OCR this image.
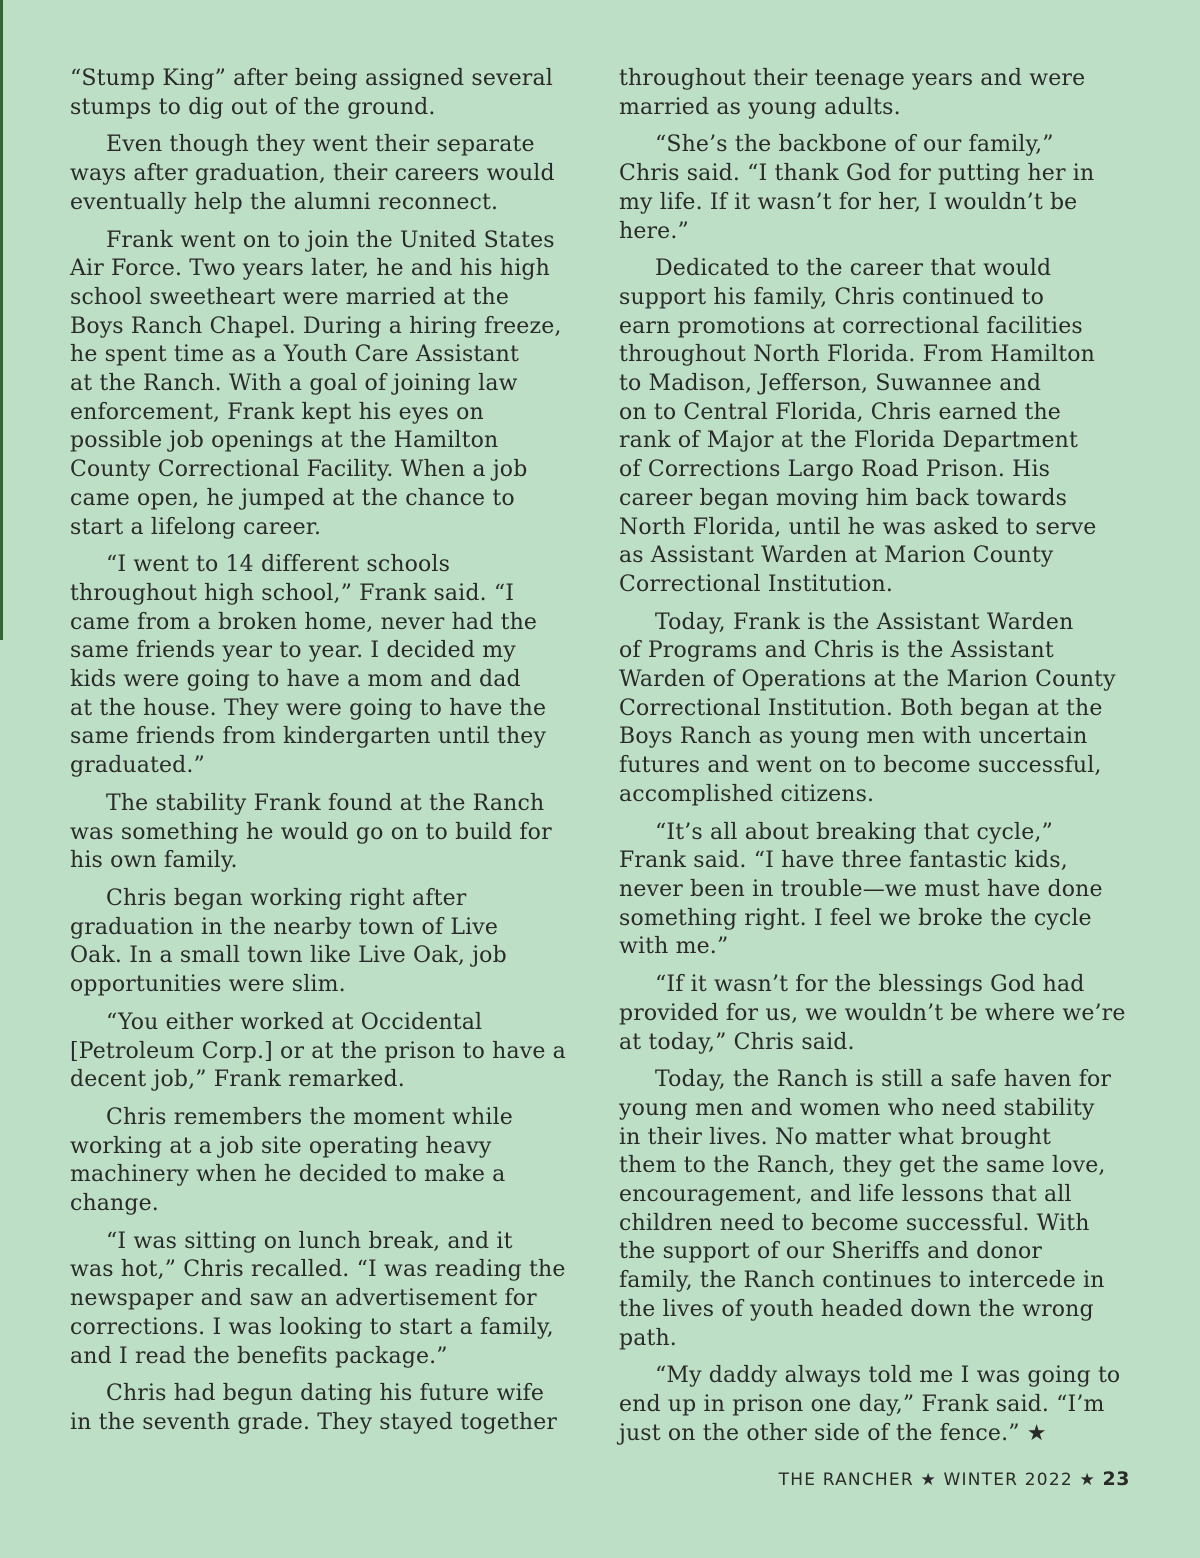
“Stump King” after being assigned several
stumps to dig out of the ground.

Even though they went their separate
ways after graduation, their careers would
eventually help the alumni reconnect.

Frank went on to join the United States
Air Force. Two years later, he and his high
school sweetheart were married at the
Boys Ranch Chapel. During a hiring freeze,
he spent time as a Youth Care Assistant
at the Ranch. With a goal of joining law
enforcement, Frank kept his eyes on
possible job openings at the Hamilton
County Correctional Facility. When a job
came open, he jumped at the chance to
start a lifelong career.

“I went to 14 different schools
throughout high school,” Frank said. “I
came from a broken home, never had the
same friends year to year. I decided my
kids were going to have a mom and dad
at the house. They were going to have the
same friends from kindergarten until they
graduated.”

The stability Frank found at the Ranch
was something he would go on to build for
his own family.

Chris began working right after
graduation in the nearby town of Live
Oak. In a small town like Live Oak, job
opportunities were slim.

“You either worked at Occidental
[Petroleum Corp.] or at the prison to have a
decent job,” Frank remarked.

Chris remembers the moment while
working at a job site operating heavy
machinery when he decided to make a
change.

“I was sitting on lunch break, and it
was hot,” Chris recalled. “I was reading the
newspaper and saw an advertisement for
corrections. I was looking to start a family,
and I read the benefits package.”

Chris had begun dating his future wife
in the seventh grade. They stayed together

throughout their teenage years and were
married as young adults.

“She’s the backbone of our family,”
Chris said. “I thank God for putting her in
my life. If it wasn’t for her, I wouldn’t be
here.”

Dedicated to the career that would
support his family, Chris continued to
earn promotions at correctional facilities
throughout North Florida. From Hamilton
to Madison, Jefferson, Suwannee and
on to Central Florida, Chris earned the
rank of Major at the Florida Department
of Corrections Largo Road Prison. His
career began moving him back towards
North Florida, until he was asked to serve
as Assistant Warden at Marion County
Correctional Institution.

Today, Frank is the Assistant Warden
of Programs and Chris is the Assistant
Warden of Operations at the Marion County
Correctional Institution. Both began at the
Boys Ranch as young men with uncertain
futures and went on to become successful,
accomplished citizens.

“It’s all about breaking that cycle,”
Frank said. “I have three fantastic kids,
never been in trouble—we must have done
something right. I feel we broke the cycle
with me.”

“If it wasn’t for the blessings God had
provided for us, we wouldn’t be where we’re
at today,” Chris said.

Today, the Ranch is still a safe haven for
young men and women who need stability
in their lives. No matter what brought
them to the Ranch, they get the same love,
encouragement, and life lessons that all
children need to become successful. With
the support of our Sheriffs and donor
family, the Ranch continues to intercede in
the lives of youth headed down the wrong
path.

“My daddy always told me I was going to
end up in prison one day,” Frank said. “I’m
just on the other side of the fence.” ★

THE RANCHER ★ WINTER 2022 ★ 23
